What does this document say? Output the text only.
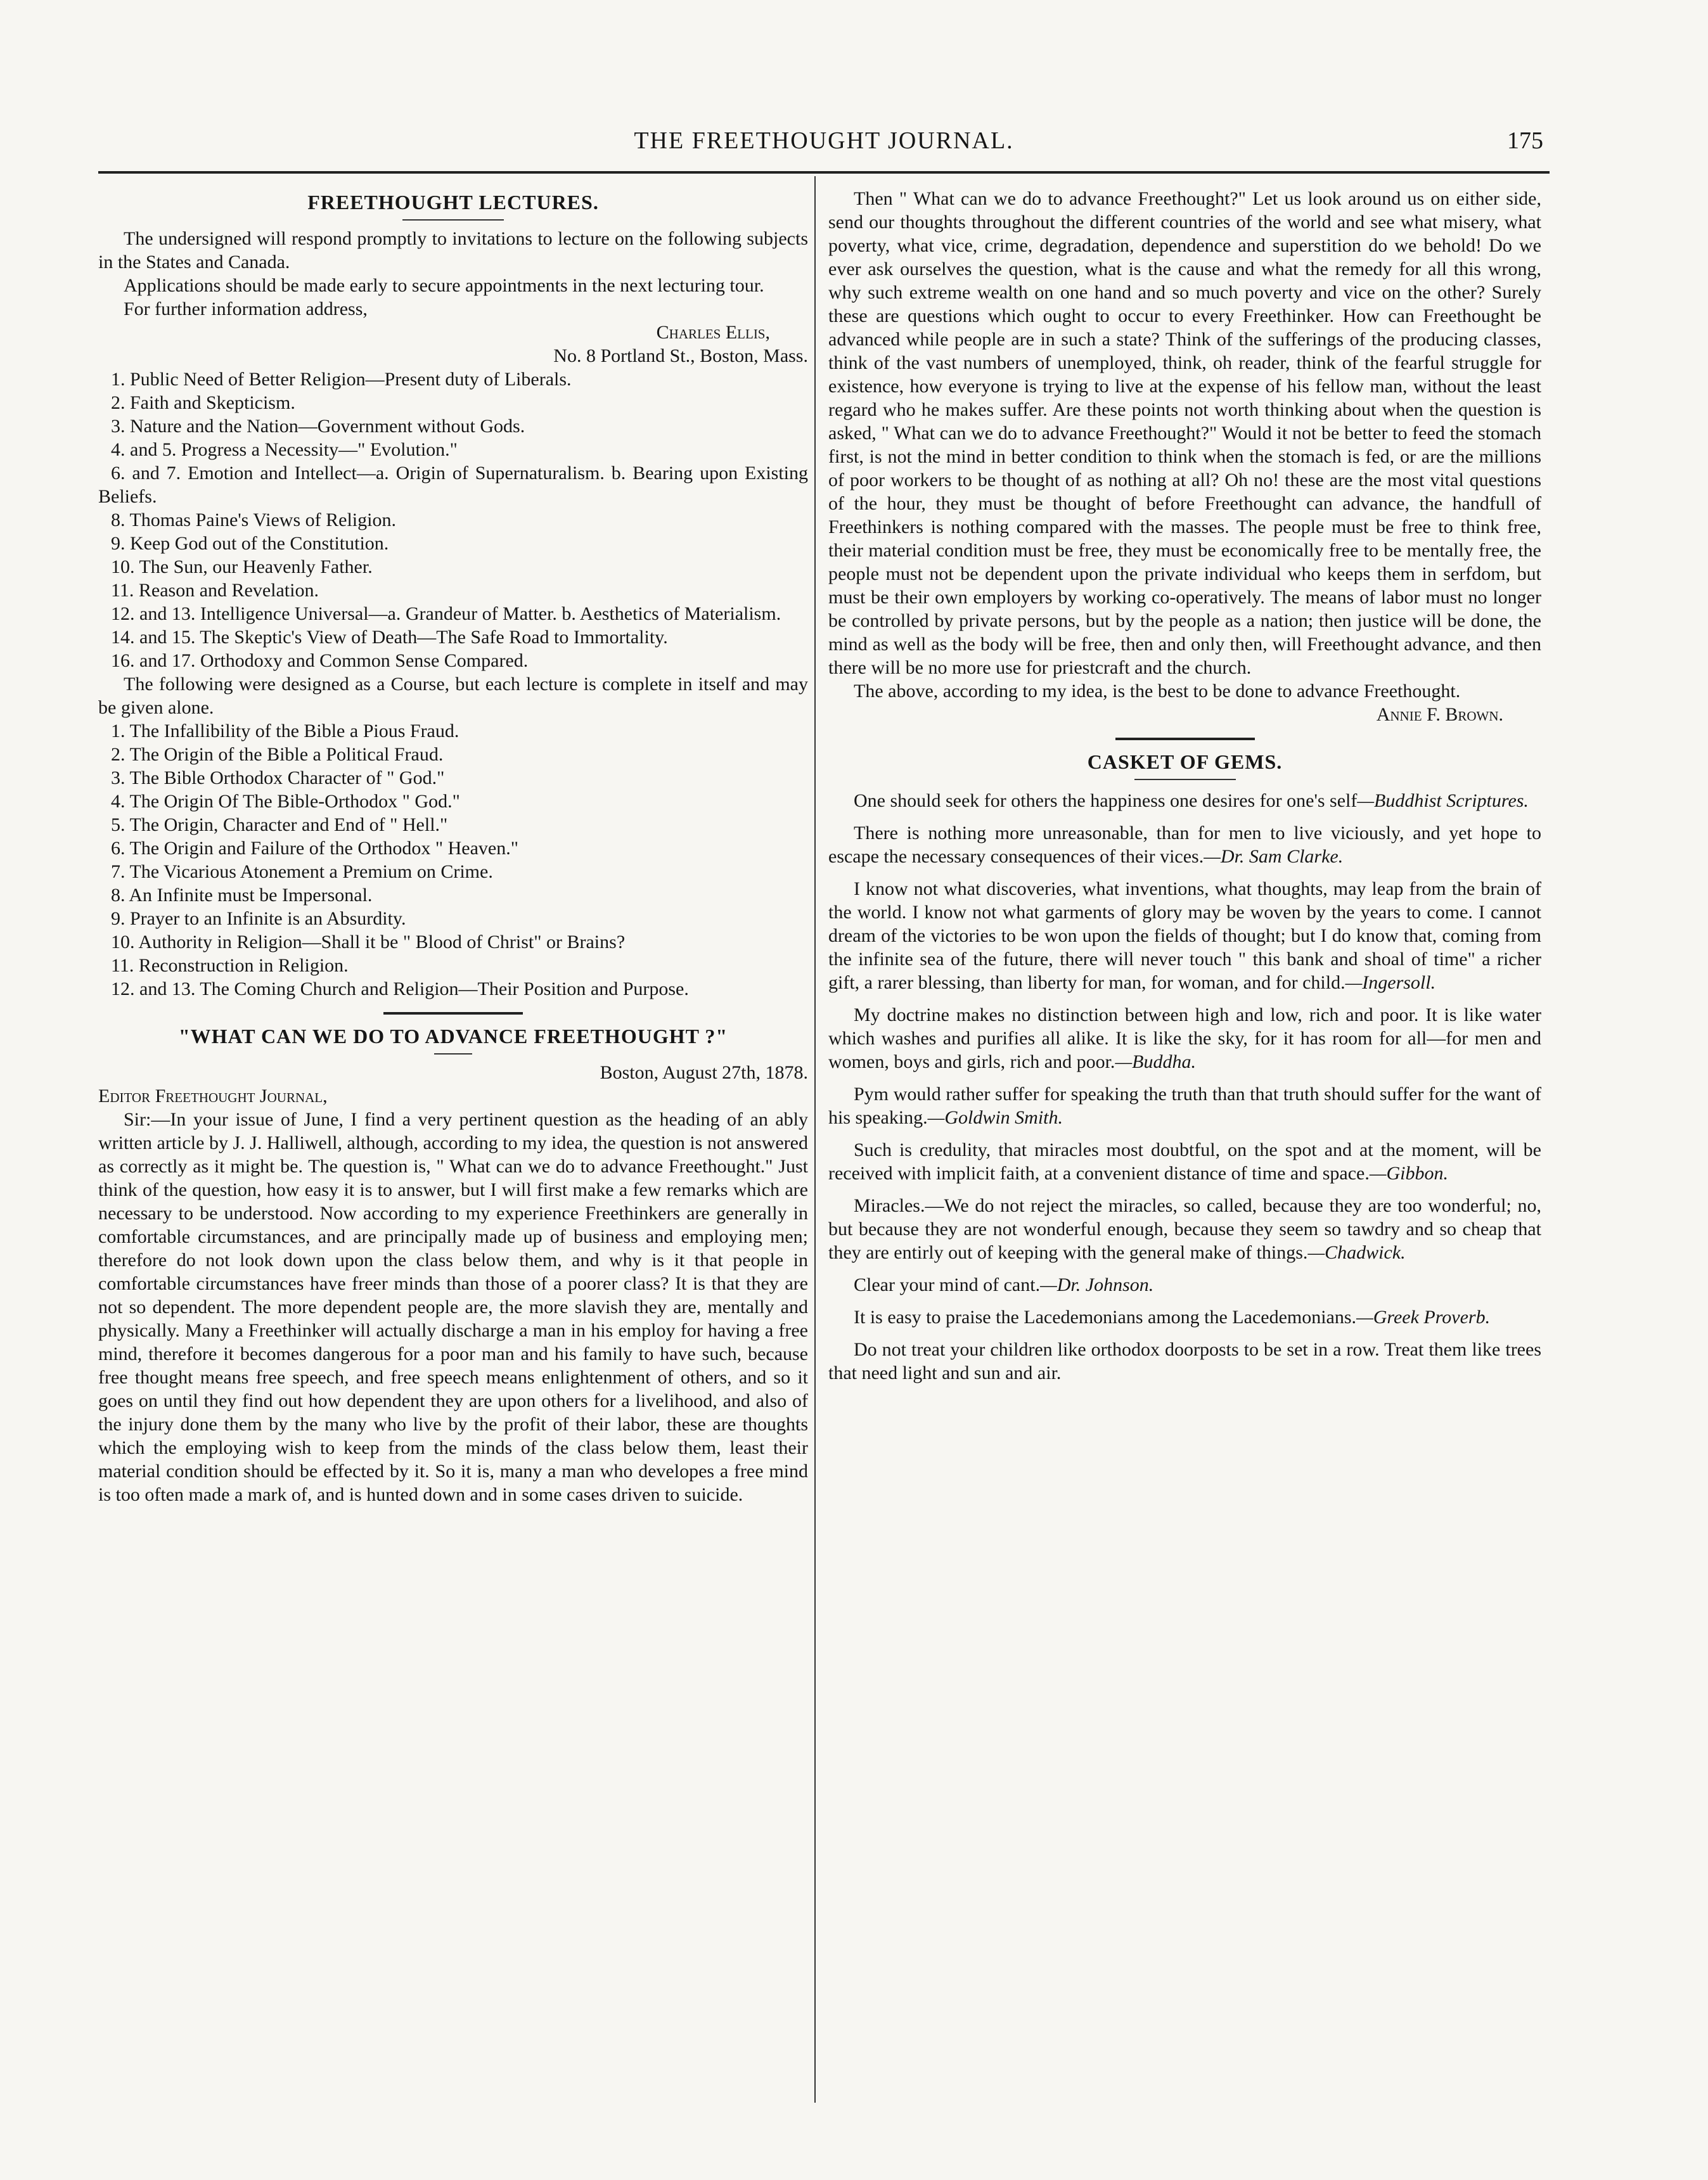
THE FREETHOUGHT JOURNAL.	175
FREETHOUGHT LECTURES.

The undersigned will respond promptly to invitations to lecture on the following subjects in the States and Canada.

Applications should be made early to secure appointments in the next lecturing tour.

For further information address,

Charles Ellis,

No. 8 Portland St., Boston, Mass.

1. Public Need of Better Religion—Present duty of Liberals.
2. Faith and Skepticism.
3. Nature and the Nation—Government without Gods.
4. and 5. Progress a Necessity—" Evolution."
6. and 7. Emotion and Intellect—a. Origin of Supernaturalism. b. Bearing upon Existing Beliefs.
8. Thomas Paine's Views of Religion.
9. Keep God out of the Constitution.
10. The Sun, our Heavenly Father.
11. Reason and Revelation.
12. and 13. Intelligence Universal—a. Grandeur of Matter. b. Aesthetics of Materialism.
14. and 15. The Skeptic's View of Death—The Safe Road to Immortality.
16. and 17. Orthodoxy and Common Sense Compared.

The following were designed as a Course, but each lecture is complete in itself and may be given alone.

1. The Infallibility of the Bible a Pious Fraud.
2. The Origin of the Bible a Political Fraud.
3. The Bible Orthodox Character of " God."
4. The Origin Of The Bible-Orthodox " God."
5. The Origin, Character and End of " Hell."
6. The Origin and Failure of the Orthodox " Heaven."
7. The Vicarious Atonement a Premium on Crime.
8. An Infinite must be Impersonal.
9. Prayer to an Infinite is an Absurdity.
10. Authority in Religion—Shall it be " Blood of Christ" or Brains?
11. Reconstruction in Religion.
12. and 13. The Coming Church and Religion—Their Position and Purpose.
"WHAT CAN WE DO TO ADVANCE FREETHOUGHT ?"

Boston, August 27th, 1878.

Editor Freethought Journal,

Sir:—In your issue of June, I find a very pertinent question as the heading of an ably written article by J. J. Halliwell, although, according to my idea, the question is not answered as correctly as it might be. The question is, " What can we do to advance Freethought." Just think of the question, how easy it is to answer, but I will first make a few remarks which are necessary to be understood. Now according to my experience Freethinkers are generally in comfortable circumstances, and are principally made up of business and employing men; therefore do not look down upon the class below them, and why is it that people in comfortable circumstances have freer minds than those of a poorer class? It is that they are not so dependent. The more dependent people are, the more slavish they are, mentally and physically. Many a Freethinker will actually discharge a man in his employ for having a free mind, therefore it becomes dangerous for a poor man and his family to have such, because free thought means free speech, and free speech means enlightenment of others, and so it goes on until they find out how dependent they are upon others for a livelihood, and also of the injury done them by the many who live by the profit of their labor, these are thoughts which the employing wish to keep from the minds of the class below them, least their material condition should be effected by it. So it is, many a man who developes a free mind is too often made a mark of, and is hunted down and in some cases driven to suicide.

Then " What can we do to advance Freethought?" Let us look around us on either side, send our thoughts throughout the different countries of the world and see what misery, what poverty, what vice, crime, degradation, dependence and superstition do we behold! Do we ever ask ourselves the question, what is the cause and what the remedy for all this wrong, why such extreme wealth on one hand and so much poverty and vice on the other? Surely these are questions which ought to occur to every Freethinker. How can Freethought be advanced while people are in such a state? Think of the sufferings of the producing classes, think of the vast numbers of unemployed, think, oh reader, think of the fearful struggle for existence, how everyone is trying to live at the expense of his fellow man, without the least regard who he makes suffer. Are these points not worth thinking about when the question is asked, " What can we do to advance Freethought?" Would it not be better to feed the stomach first, is not the mind in better condition to think when the stomach is fed, or are the millions of poor workers to be thought of as nothing at all? Oh no! these are the most vital questions of the hour, they must be thought of before Freethought can advance, the handfull of Freethinkers is nothing compared with the masses. The people must be free to think free, their material condition must be free, they must be economically free to be mentally free, the people must not be dependent upon the private individual who keeps them in serfdom, but must be their own employers by working co-operatively. The means of labor must no longer be controlled by private persons, but by the people as a nation; then justice will be done, the mind as well as the body will be free, then and only then, will Freethought advance, and then there will be no more use for priestcraft and the church.

The above, according to my idea, is the best to be done to advance Freethought.

Annie F. Brown.

CASKET OF GEMS.

One should seek for others the happiness one desires for one's self—Buddhist Scriptures.

There is nothing more unreasonable, than for men to live viciously, and yet hope to escape the necessary consequences of their vices.—Dr. Sam Clarke.

I know not what discoveries, what inventions, what thoughts, may leap from the brain of the world. I know not what garments of glory may be woven by the years to come. I cannot dream of the victories to be won upon the fields of thought; but I do know that, coming from the infinite sea of the future, there will never touch " this bank and shoal of time" a richer gift, a rarer blessing, than liberty for man, for woman, and for child.—Ingersoll.

My doctrine makes no distinction between high and low, rich and poor. It is like water which washes and purifies all alike. It is like the sky, for it has room for all—for men and women, boys and girls, rich and poor.—Buddha.

Pym would rather suffer for speaking the truth than that truth should suffer for the want of his speaking.—Goldwin Smith.

Such is credulity, that miracles most doubtful, on the spot and at the moment, will be received with implicit faith, at a convenient distance of time and space.—Gibbon.

Miracles.—We do not reject the miracles, so called, because they are too wonderful; no, but because they are not wonderful enough, because they seem so tawdry and so cheap that they are entirly out of keeping with the general make of things.—Chadwick.

Clear your mind of cant.—Dr. Johnson.

It is easy to praise the Lacedemonians among the Lacedemonians.—Greek Proverb.

Do not treat your children like orthodox doorposts to be set in a row. Treat them like trees that need light and sun and air.
